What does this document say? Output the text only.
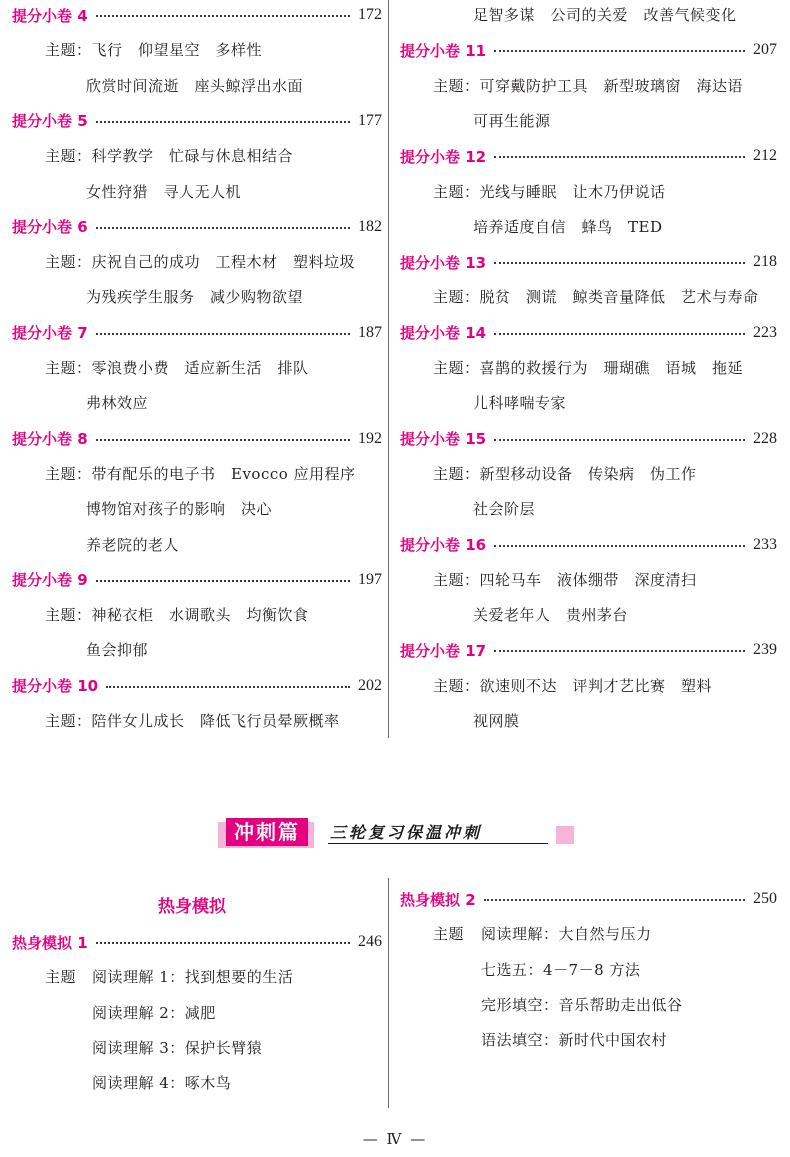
提分小卷 4	172
主题：飞行　仰望星空　多样性
欣赏时间流逝　座头鲸浮出水面
提分小卷 5	177
主题：科学教学　忙碌与休息相结合
女性狩猎　寻人无人机
提分小卷 6	182
主题：庆祝自己的成功　工程木材　塑料垃圾
为残疾学生服务　减少购物欲望
提分小卷 7	187
主题：零浪费小费　适应新生活　排队
弗林效应
提分小卷 8	192
主题：带有配乐的电子书　Evocco 应用程序
博物馆对孩子的影响　决心
养老院的老人
提分小卷 9	197
主题：神秘衣柜　水调歌头　均衡饮食
鱼会抑郁
提分小卷 10	202
主题：陪伴女儿成长　降低飞行员晕厥概率
热身模拟 1	246
主题 阅读理解 1：找到想要的生活
阅读理解 2：减肥
阅读理解 3：保护长臂猿
阅读理解 4：啄木鸟
足智多谋　公司的关爱　改善气候变化
提分小卷 11	207
主题：可穿戴防护工具　新型玻璃窗　海达语
可再生能源
提分小卷 12	212
主题：光线与睡眠　让木乃伊说话
培养适度自信　蜂鸟　TED
提分小卷 13	218
主题：脱贫　测谎　鲸类音量降低　艺术与寿命
提分小卷 14	223
主题：喜鹊的救援行为　珊瑚礁　语城　拖延
儿科哮喘专家
提分小卷 15	228
主题：新型移动设备　传染病　伪工作
社会阶层
提分小卷 16	233
主题：四轮马车　液体绷带　深度清扫
关爱老年人　贵州茅台
提分小卷 17	239
主题：欲速则不达　评判才艺比赛　塑料
视网膜
热身模拟 2	250
主题 阅读理解：大自然与压力
七选五：4－7－8 方法
完形填空：音乐帮助走出低谷
语法填空：新时代中国农村
冲刺篇	三轮复习保温冲刺
热身模拟
— Ⅳ —
